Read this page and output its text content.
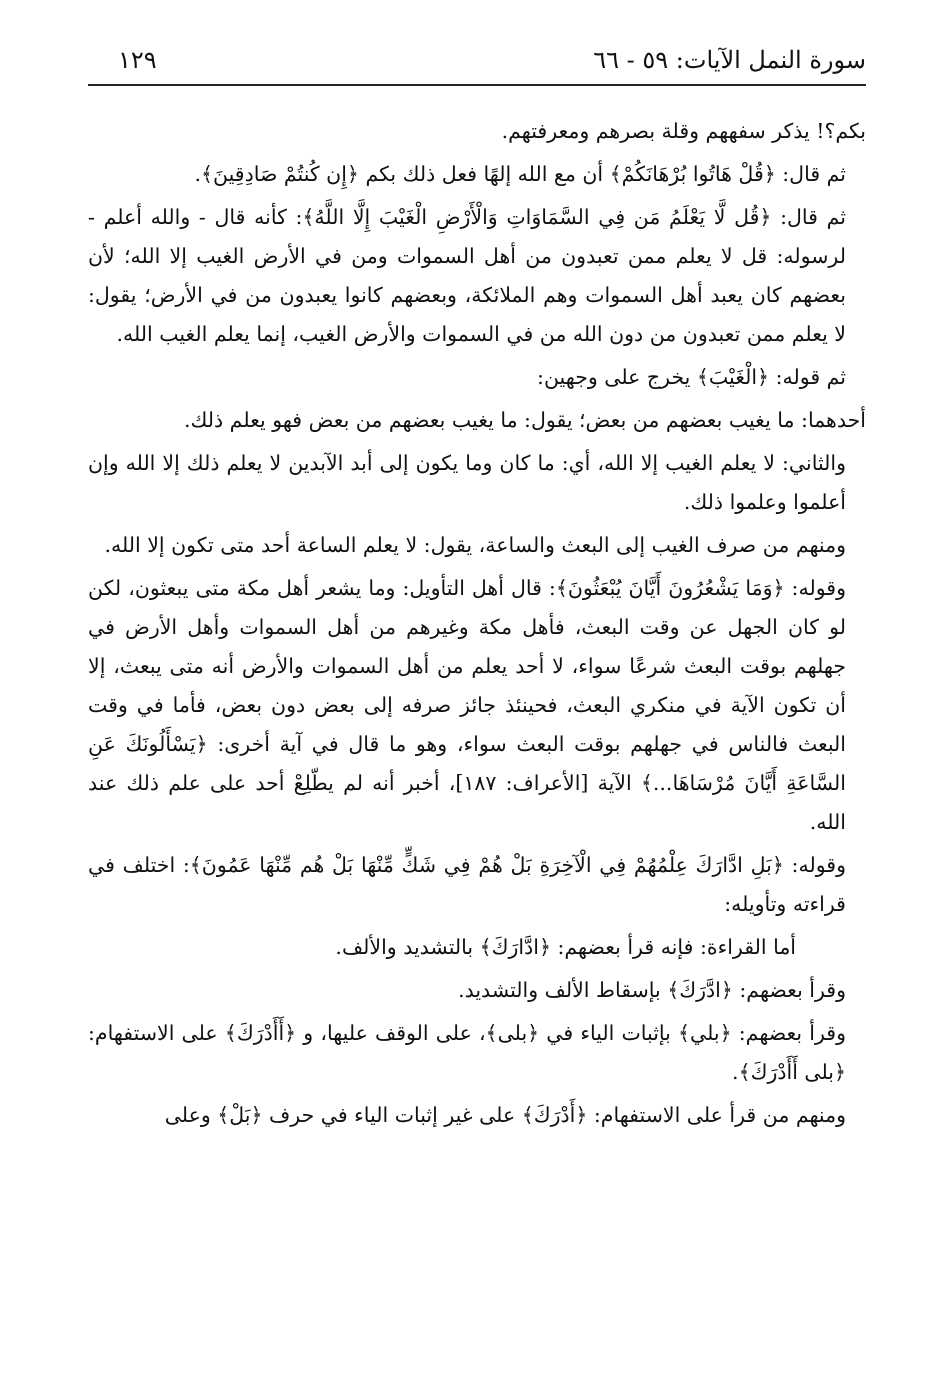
سورة النمل الآيات: ٥٩ - ٦٦
١٢٩

بكم؟! يذكر سفههم وقلة بصرهم ومعرفتهم.

ثم قال: ﴿قُلْ هَاتُوا بُرْهَانَكُمْ﴾ أن مع الله إلهًا فعل ذلك بكم ﴿إِن كُنتُمْ صَادِقِينَ﴾.

ثم قال: ﴿قُل لَّا يَعْلَمُ مَن فِي السَّمَاوَاتِ وَالْأَرْضِ الْغَيْبَ إِلَّا اللَّهُ﴾: كأنه قال - والله أعلم - لرسوله: قل لا يعلم ممن تعبدون من أهل السموات ومن في الأرض الغيب إلا الله؛ لأن بعضهم كان يعبد أهل السموات وهم الملائكة، وبعضهم كانوا يعبدون من في الأرض؛ يقول: لا يعلم ممن تعبدون من دون الله من في السموات والأرض الغيب، إنما يعلم الغيب الله.

ثم قوله: ﴿الْغَيْبَ﴾ يخرج على وجهين:

أحدهما: ما يغيب بعضهم من بعض؛ يقول: ما يغيب بعضهم من بعض فهو يعلم ذلك.

والثاني: لا يعلم الغيب إلا الله، أي: ما كان وما يكون إلى أبد الآبدين لا يعلم ذلك إلا الله وإن أعلموا وعلموا ذلك.

ومنهم من صرف الغيب إلى البعث والساعة، يقول: لا يعلم الساعة أحد متى تكون إلا الله.

وقوله: ﴿وَمَا يَشْعُرُونَ أَيَّانَ يُبْعَثُونَ﴾: قال أهل التأويل: وما يشعر أهل مكة متى يبعثون، لكن لو كان الجهل عن وقت البعث، فأهل مكة وغيرهم من أهل السموات وأهل الأرض في جهلهم بوقت البعث شرعًا سواء، لا أحد يعلم من أهل السموات والأرض أنه متى يبعث، إلا أن تكون الآية في منكري البعث، فحينئذ جائز صرفه إلى بعض دون بعض، فأما في وقت البعث فالناس في جهلهم بوقت البعث سواء، وهو ما قال في آية أخرى: ﴿يَسْأَلُونَكَ عَنِ السَّاعَةِ أَيَّانَ مُرْسَاهَا...﴾ الآية [الأعراف: ١٨٧]، أخبر أنه لم يطّلِعْ أحد على علم ذلك عند الله.

وقوله: ﴿بَلِ ادَّارَكَ عِلْمُهُمْ فِي الْآخِرَةِ بَلْ هُمْ فِي شَكٍّ مِّنْهَا بَلْ هُم مِّنْهَا عَمُونَ﴾: اختلف في قراءته وتأويله:

أما القراءة: فإنه قرأ بعضهم: ﴿ادَّارَكَ﴾ بالتشديد والألف.

وقرأ بعضهم: ﴿ادَّرَكَ﴾ بإسقاط الألف والتشديد.

وقرأ بعضهم: ﴿بلي﴾ بإثبات الياء في ﴿بلى﴾، على الوقف عليها، و ﴿أَأَدْرَكَ﴾ على الاستفهام: ﴿بلى أَأَدْرَكَ﴾.

ومنهم من قرأ على الاستفهام: ﴿أَدْرَكَ﴾ على غير إثبات الياء في حرف ﴿بَلْ﴾ وعلى
